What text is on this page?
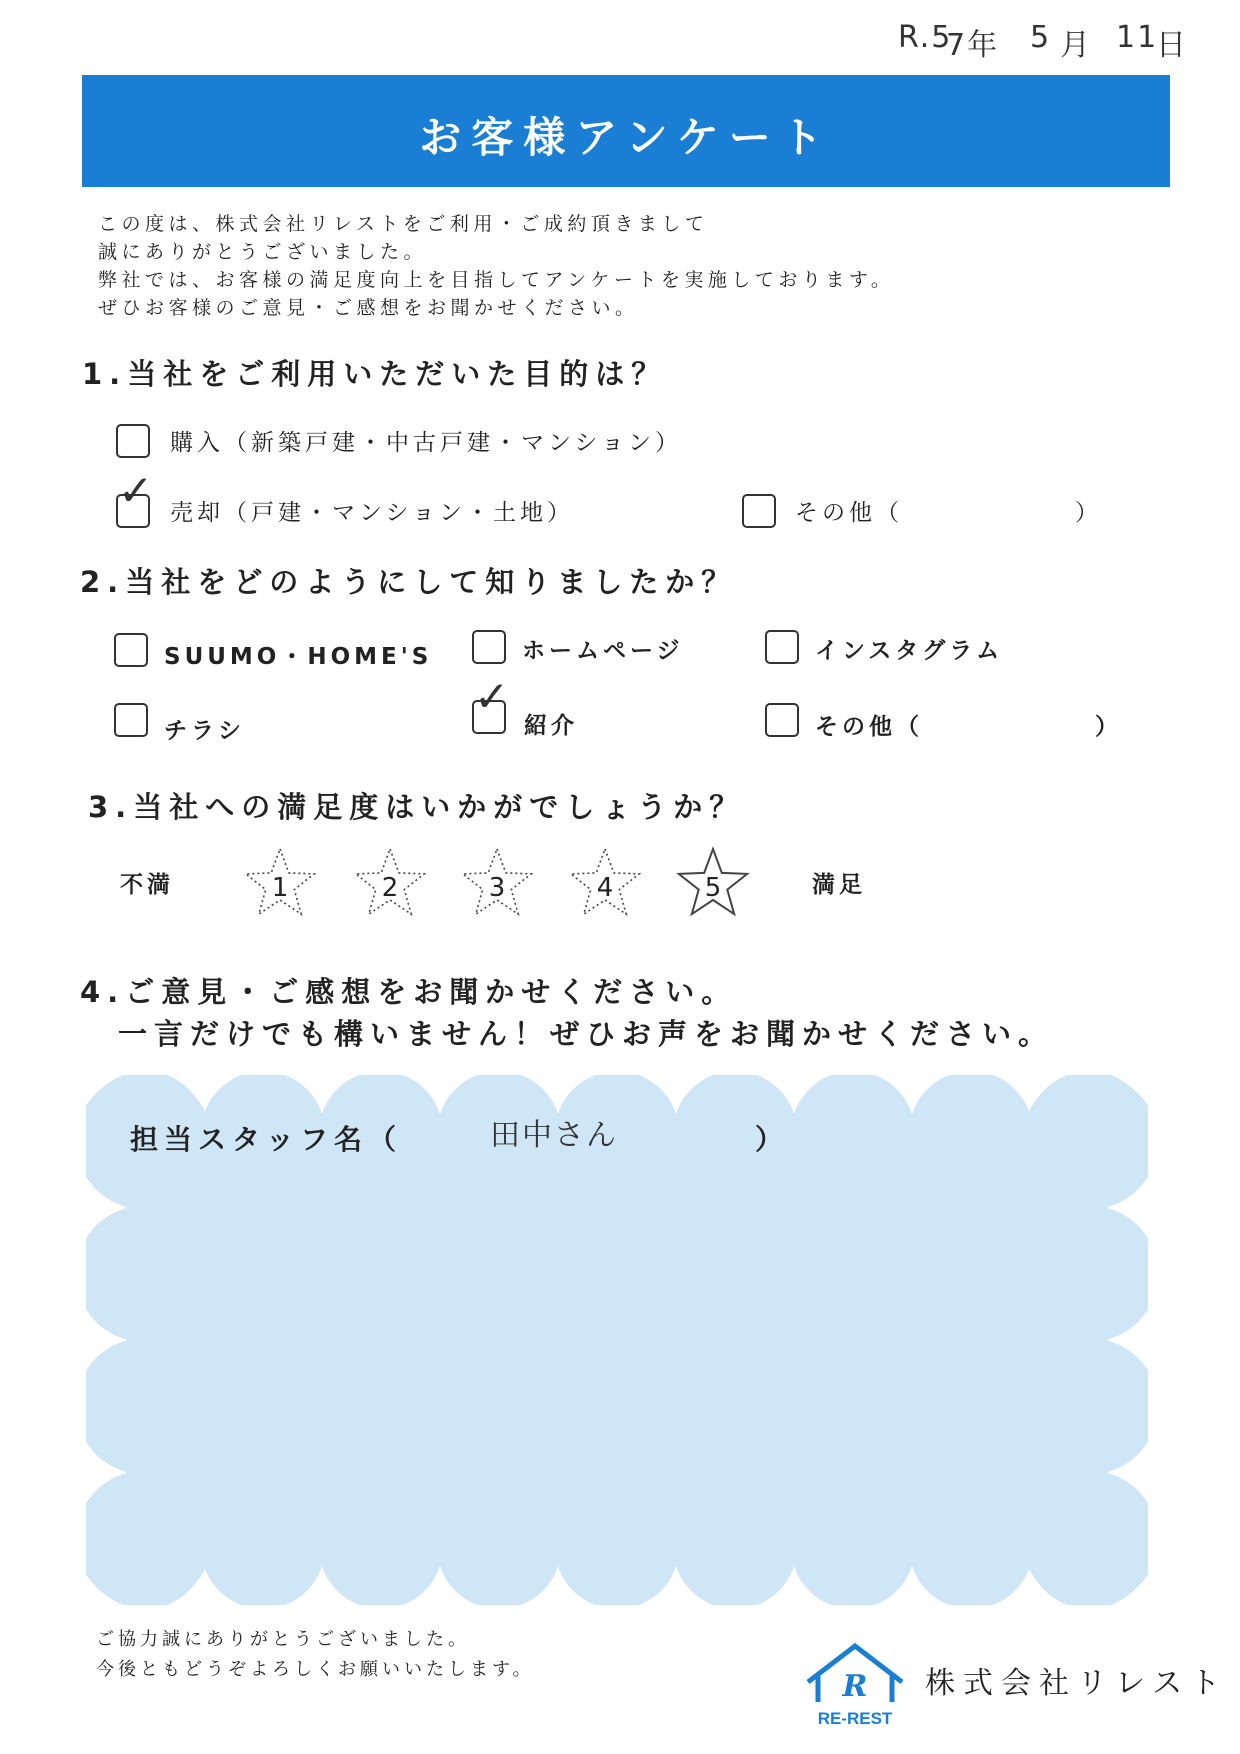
R.5
7年 5 月 11
日
お客様アンケート
この度は、株式会社リレストをご利用・ご成約頂きまして
誠にありがとうございました。
弊社では、お客様の満足度向上を目指してアンケートを実施しております。
ぜひお客様のご意見・ご感想をお聞かせください。
1.当社をご利用いただいた目的は？
購入（新築戸建・中古戸建・マンション）
✓ 売却（戸建・マンション・土地）	その他（	）
2.当社をどのようにして知りましたか？
SUUMO・HOME'S	ホームページ	インスタグラム
チラシ
✓
紹介	その他（	）
3.当社への満足度はいかがでしょうか？
不満	満足
1	2	3	4	5
4.ご意見・ご感想をお聞かせください。
一言だけでも構いません！ぜひお声をお聞かせください。
担当スタッフ名（	田中さん	）
ご協力誠にありがとうございました。
今後ともどうぞよろしくお願いいたします。	R
RE-REST
株式会社リレスト
